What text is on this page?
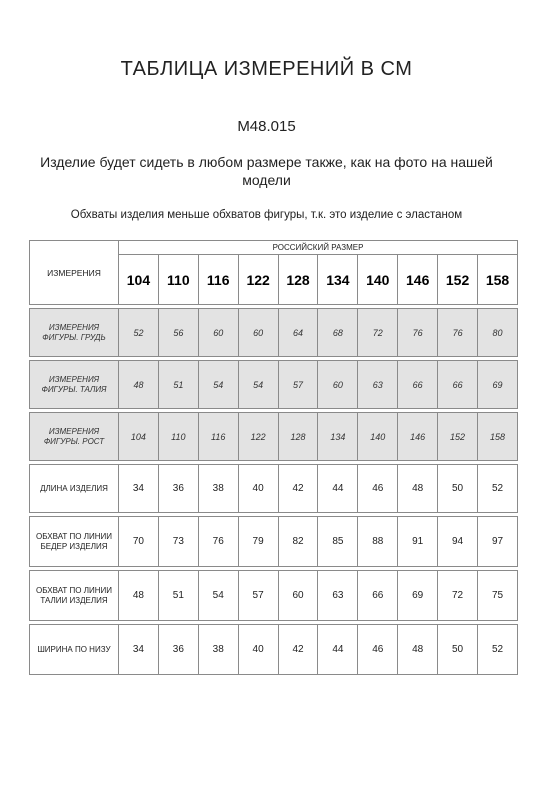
ТАБЛИЦА ИЗМЕРЕНИЙ В СМ
M48.015
Изделие будет сидеть в любом размере также, как на фото на нашей модели
Обхваты изделия меньше обхватов фигуры, т.к. это изделие с эластаном
ИЗМЕРЕНИЯ	РОССИЙСКИЙ РАЗМЕР									
	104	110	116	122	128	134	140	146	152	158

ИЗМЕРЕНИЯ ФИГУРЫ. ГРУДЬ	52	56	60	60	64	68	72	76	76	80

ИЗМЕРЕНИЯ ФИГУРЫ. ТАЛИЯ	48	51	54	54	57	60	63	66	66	69

ИЗМЕРЕНИЯ ФИГУРЫ. РОСТ	104	110	116	122	128	134	140	146	152	158

ДЛИНА ИЗДЕЛИЯ	34	36	38	40	42	44	46	48	50	52

ОБХВАТ ПО ЛИНИИ БЕДЕР ИЗДЕЛИЯ	70	73	76	79	82	85	88	91	94	97

ОБХВАТ ПО ЛИНИИ ТАЛИИ ИЗДЕЛИЯ	48	51	54	57	60	63	66	69	72	75

ШИРИНА ПО НИЗУ	34	36	38	40	42	44	46	48	50	52
